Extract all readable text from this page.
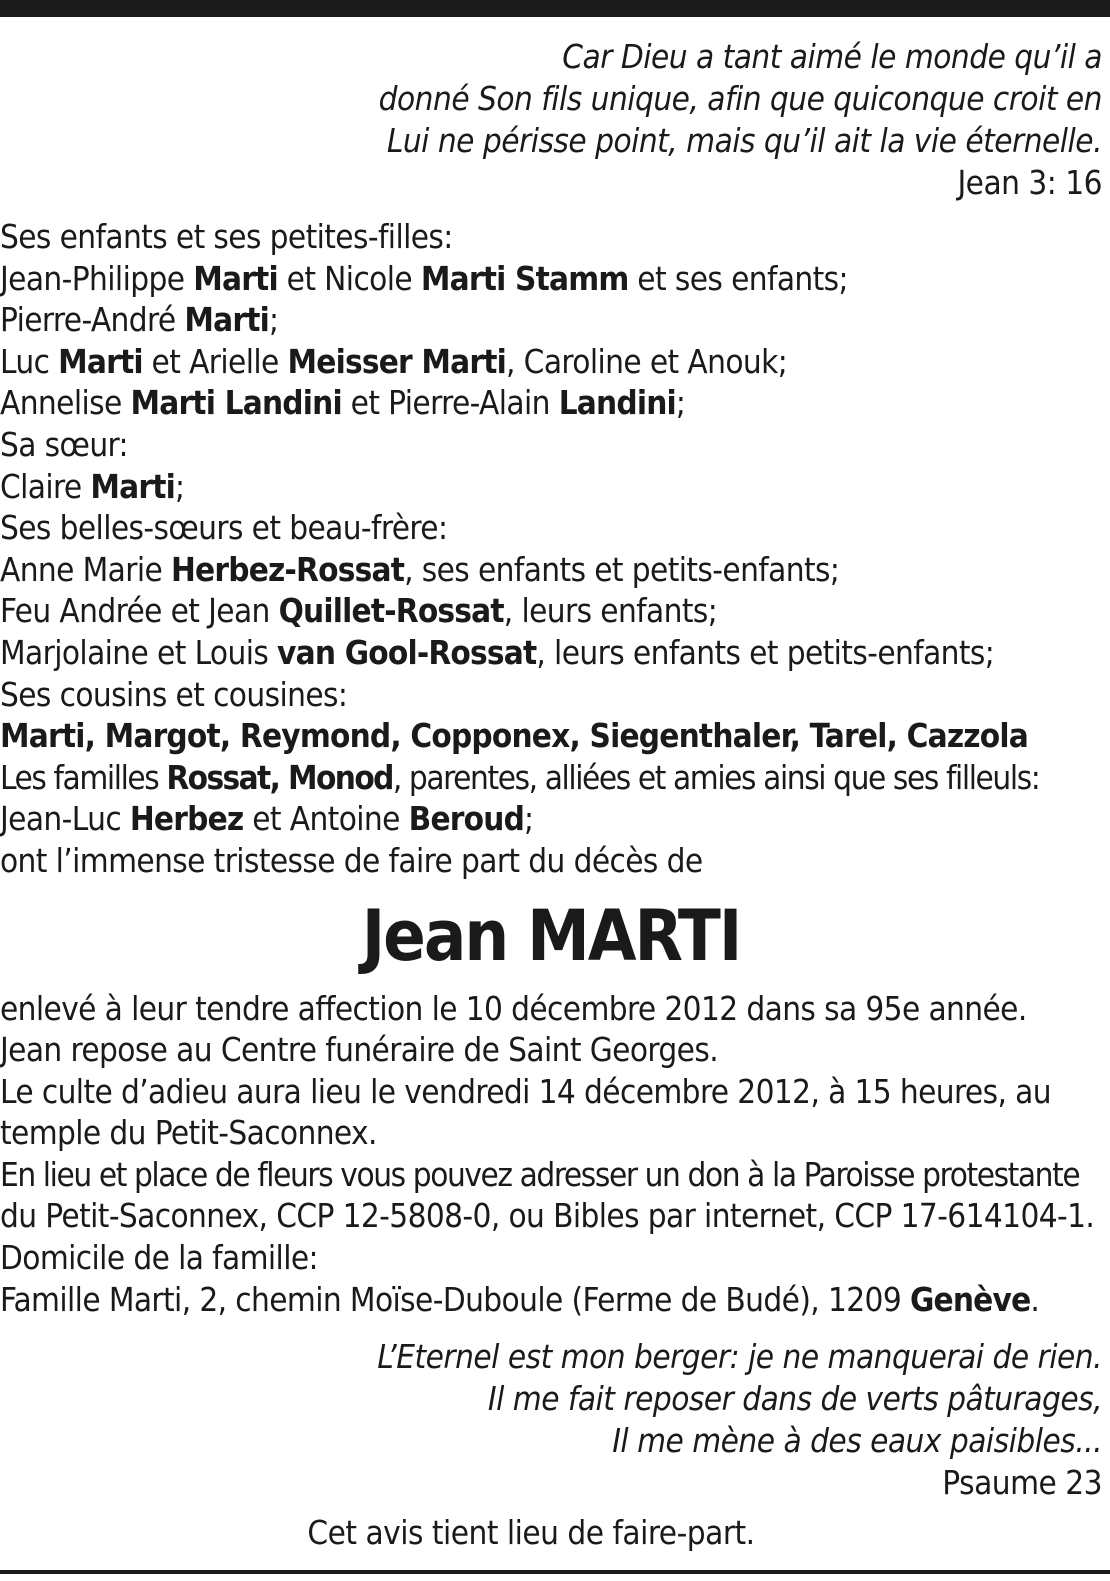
Car Dieu a tant aimé le monde qu’il a
donné Son fils unique, afin que quiconque croit en
Lui ne périsse point, mais qu’il ait la vie éternelle.
Jean 3: 16
Ses enfants et ses petites-filles:
Jean-Philippe Marti et Nicole Marti Stamm et ses enfants;
Pierre-André Marti;
Luc Marti et Arielle Meisser Marti, Caroline et Anouk;
Annelise Marti Landini et Pierre-Alain Landini;
Sa sœur:
Claire Marti;
Ses belles-sœurs et beau-frère:
Anne Marie Herbez-Rossat, ses enfants et petits-enfants;
Feu Andrée et Jean Quillet-Rossat, leurs enfants;
Marjolaine et Louis van Gool-Rossat, leurs enfants et petits-enfants;
Ses cousins et cousines:
Marti, Margot, Reymond, Copponex, Siegenthaler, Tarel, Cazzola
Les familles Rossat, Monod, parentes, alliées et amies ainsi que ses filleuls:
Jean-Luc Herbez et Antoine Beroud;
ont l’immense tristesse de faire part du décès de
Jean MARTI
enlevé à leur tendre affection le 10 décembre 2012 dans sa 95e année.
Jean repose au Centre funéraire de Saint Georges.
Le culte d’adieu aura lieu le vendredi 14 décembre 2012, à 15 heures, au
temple du Petit-Saconnex.
En lieu et place de fleurs vous pouvez adresser un don à la Paroisse protestante
du Petit-Saconnex, CCP 12-5808-0, ou Bibles par internet, CCP 17-614104-1.
Domicile de la famille:
Famille Marti, 2, chemin Moïse-Duboule (Ferme de Budé), 1209 Genève.
L’Eternel est mon berger: je ne manquerai de rien.
Il me fait reposer dans de verts pâturages,
Il me mène à des eaux paisibles...
Psaume 23
Cet avis tient lieu de faire-part.
